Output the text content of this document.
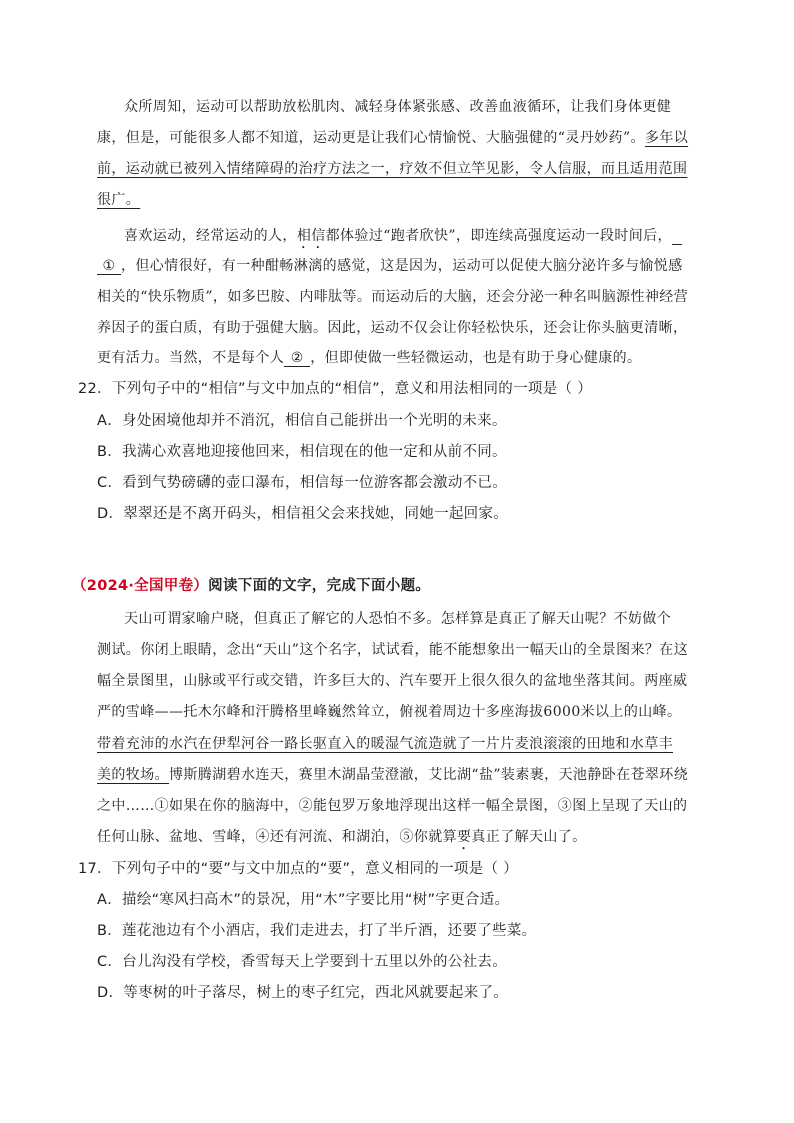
众所周知，运动可以帮助放松肌肉、减轻身体紧张感、改善血液循环，让我们身体更健
康，但是，可能很多人都不知道，运动更是让我们心情愉悦、大脑强健的“灵丹妙药”。多年以
前，运动就已被列入情绪障碍的治疗方法之一，疗效不但立竿见影，令人信服，而且适用范围
很广。
喜欢运动，经常运动的人，相信都体验过“跑者欣快”，即连续高强度运动一段时间后，
① ，但心情很好，有一种酣畅淋漓的感觉，这是因为，运动可以促使大脑分泌许多与愉悦感
相关的“快乐物质”，如多巴胺、内啡肽等。而运动后的大脑，还会分泌一种名叫脑源性神经营
养因子的蛋白质，有助于强健大脑。因此，运动不仅会让你轻松快乐，还会让你头脑更清晰，
更有活力。当然，不是每个人 ② ，但即使做一些轻微运动，也是有助于身心健康的。
22．下列句子中的“相信”与文中加点的“相信”，意义和用法相同的一项是（ ）
A．身处困境他却并不消沉，相信自己能拼出一个光明的未来。
B．我满心欢喜地迎接他回来，相信现在的他一定和从前不同。
C．看到气势磅礴的壶口瀑布，相信每一位游客都会激动不已。
D．翠翠还是不离开码头，相信祖父会来找她，同她一起回家。
（2024·全国甲卷）阅读下面的文字，完成下面小题。
天山可谓家喻户晓，但真正了解它的人恐怕不多。怎样算是真正了解天山呢？不妨做个
测试。你闭上眼睛，念出“天山”这个名字，试试看，能不能想象出一幅天山的全景图来？在这
幅全景图里，山脉或平行或交错，许多巨大的、汽车要开上很久很久的盆地坐落其间。两座威
严的雪峰——托木尔峰和汗腾格里峰巍然耸立，俯视着周边十多座海拔6000米以上的山峰。
带着充沛的水汽在伊犁河谷一路长驱直入的暖湿气流造就了一片片麦浪滚滚的田地和水草丰
美的牧场。博斯腾湖碧水连天，赛里木湖晶莹澄澈，艾比湖“盐”装素裹，天池静卧在苍翠环绕
之中……①如果在你的脑海中，②能包罗万象地浮现出这样一幅全景图，③图上呈现了天山的
任何山脉、盆地、雪峰，④还有河流、和湖泊，⑤你就算要真正了解天山了。
17．下列句子中的“要”与文中加点的“要”，意义相同的一项是（ ）
A．描绘“寒风扫高木”的景况，用“木”字要比用“树”字更合适。
B．莲花池边有个小酒店，我们走进去，打了半斤酒，还要了些菜。
C．台儿沟没有学校，香雪每天上学要到十五里以外的公社去。
D．等枣树的叶子落尽，树上的枣子红完，西北风就要起来了。
